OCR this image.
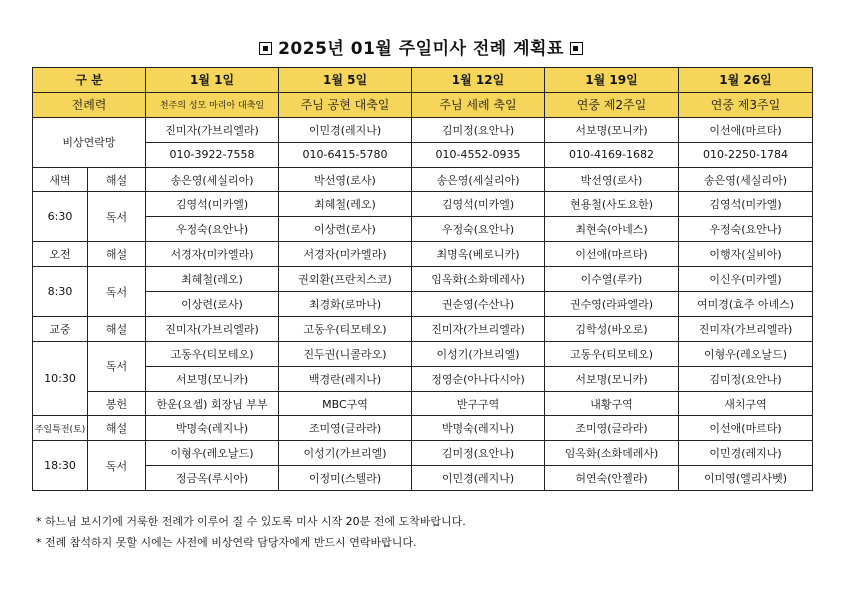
2025년 01월 주일미사 전례 계획표
구 분		1월 1일	1월 5일	1월 12일	1월 19일	1월 26일
전례력		천주의 성모 마리아 대축일	주님 공현 대축일	주님 세례 축일	연중 제2주일	연중 제3주일
비상연락망		진미자(가브리엘라)	이민경(레지나)	김미정(요안나)	서보명(모니카)	이선애(마르타)
		010-3922-7558	010-6415-5780	010-4552-0935	010-4169-1682	010-2250-1784
새벽	해설	송은영(세실리아)	박선영(로사)	송은영(세실리아)	박선영(로사)	송은영(세실리아)
6:30	독서	김영석(미카엘)	최혜철(레오)	김영석(미카엘)	현용철(사도요한)	김영석(미카엘)
		우정숙(요안나)	이상련(로사)	우정숙(요안나)	최현숙(아네스)	우정숙(요안나)
오전	해설	서경자(미카엘라)	서경자(미카엘라)	최명옥(베로니카)	이선애(마르타)	이행자(실비아)
8:30	독서	최혜철(레오)	권외환(프란치스코)	임옥화(소화데레사)	이수열(루카)	이신우(미카엘)
		이상련(로사)	최경화(로마나)	권순영(수산나)	권수영(라파엘라)	여미경(효주 아녜스)
교중	해설	진미자(가브리엘라)	고동우(티모테오)	진미자(가브리엘라)	김학성(바오로)	진미자(가브리엘라)
10:30	독서	고동우(티모테오)	진두권(니콜라오)	이성기(가브리엘)	고동우(티모테오)	이형우(레오날드)
		서보명(모니카)	백경란(레지나)	정영순(아나다시아)	서보명(모니카)	김미정(요안나)
	봉헌	한운(요셉) 회장님 부부	MBC구역	반구구역	내황구역	새치구역
주일특전(토)	해설	박명숙(레지나)	조미영(글라라)	박명숙(레지나)	조미영(글라라)	이선애(마르타)
18:30	독서	이형우(레오날드)	이성기(가브리엘)	김미정(요안나)	임옥화(소화데레사)	이민경(레지나)
		정금옥(루시아)	이정미(스텔라)	이민경(레지나)	허연숙(안젤라)	이미영(엘리사벳)
* 하느님 보시기에 거룩한 전례가 이루어 질 수 있도록 미사 시작 20분 전에 도착바랍니다.
* 전례 참석하지 못할 시에는 사전에 비상연락 담당자에게 반드시 연락바랍니다.
